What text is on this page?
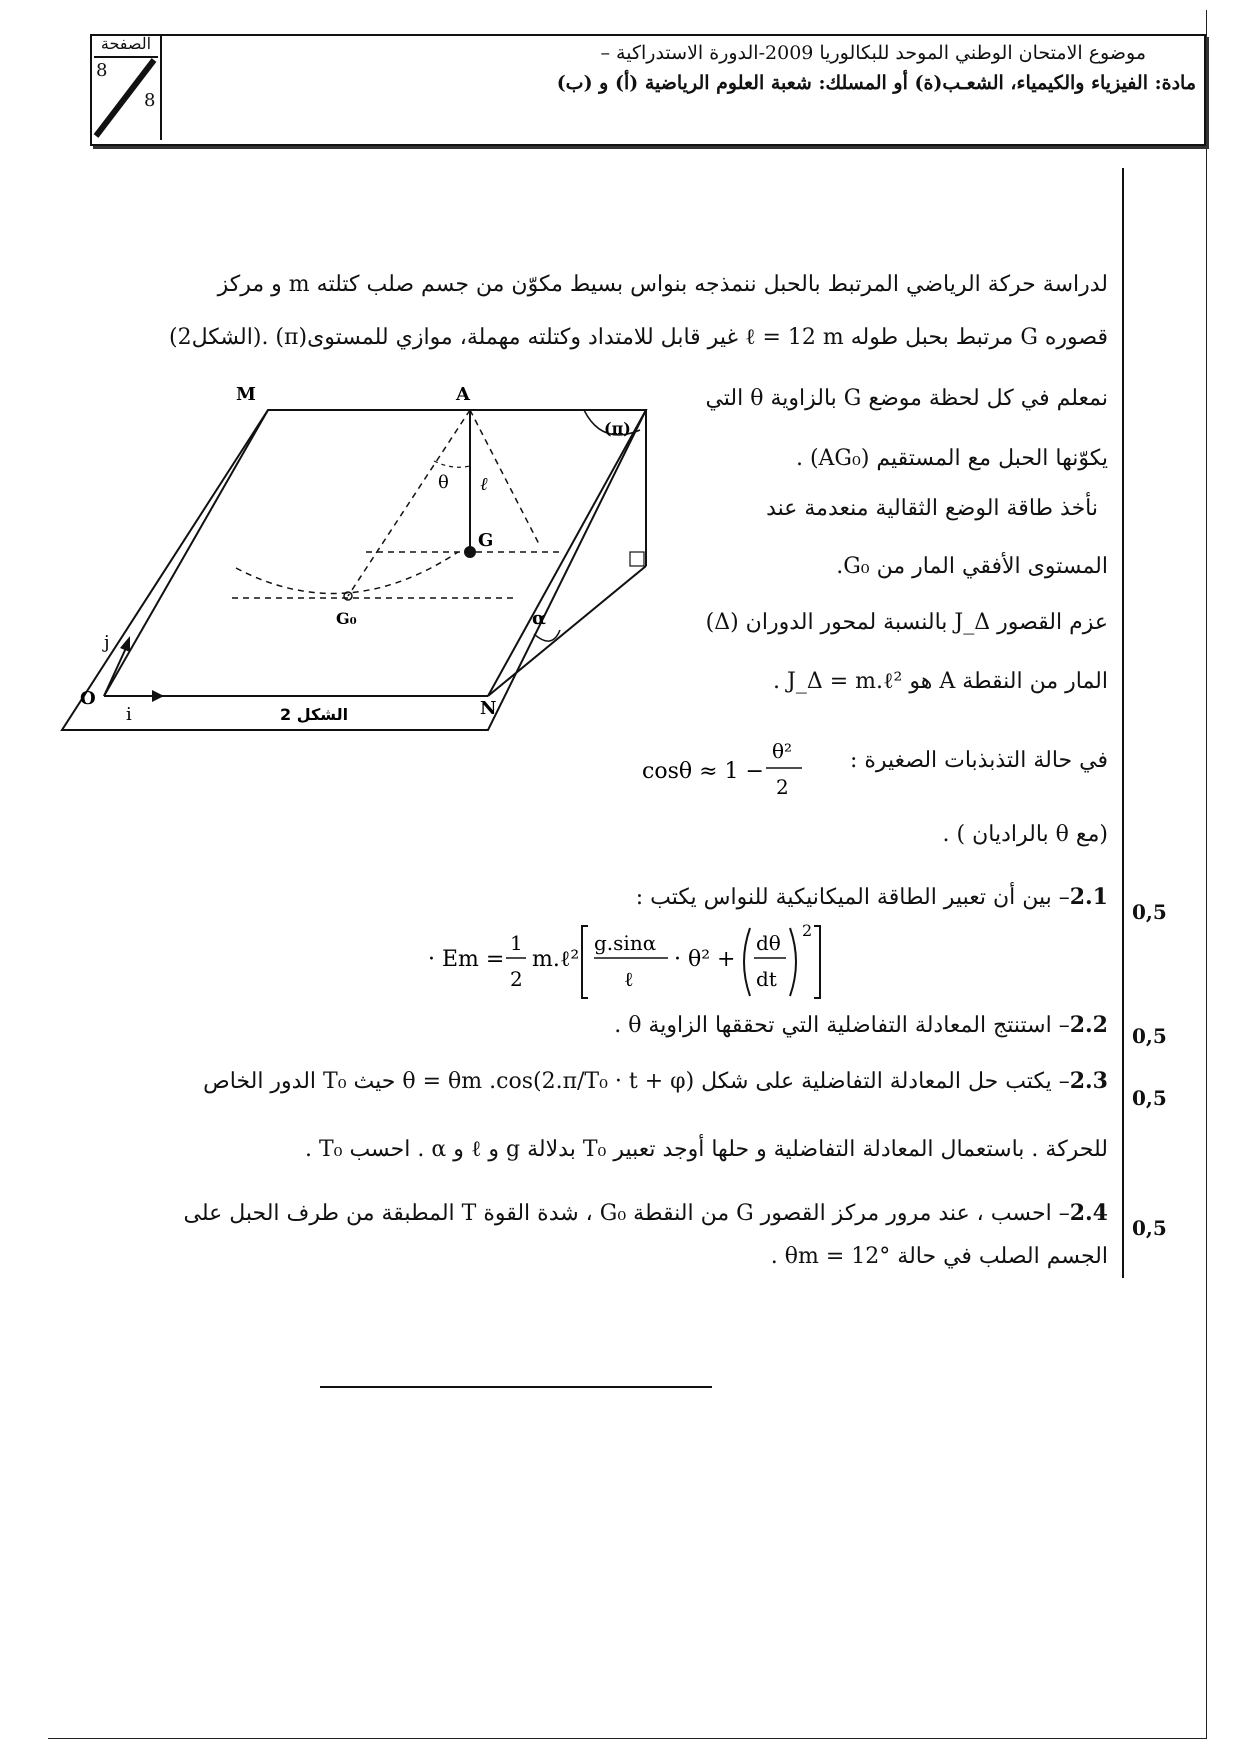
الصفحة
8
8
موضوع الامتحان الوطني الموحد للبكالوريا 2009-الدورة الاستدراكية –
مادة: الفيزياء والكيمياء، الشعـب(ة) أو المسلك: شعبة العلوم الرياضية (أ) و (ب)
لدراسة حركة الرياضي المرتبط بالحبل ننمذجه بنواس بسيط مكوّن من جسم صلب كتلته m و مركز
قصوره G مرتبط بحبل طوله ℓ = 12 m غير قابل للامتداد وكتلته مهملة، موازي للمستوى(π) .(الشكل2)
نمعلم في كل لحظة موضع G بالزاوية θ التي
يكوّنها الحبل مع المستقيم (AG₀) .
نأخذ طاقة الوضع الثقالية منعدمة عند
المستوى الأفقي المار من G₀.
عزم القصور J_Δ بالنسبة لمحور الدوران (Δ)
المار من النقطة A هو J_Δ = m.ℓ² .
في حالة التذبذبات الصغيرة :
cosθ ≈ 1 −
θ²
2
(مع θ بالراديان ) .
M	A
N
O
G
G₀
(π)
θ ℓ
α
i
j
الشكل 2
0,5
2.1– بين أن تعبير الطاقة الميكانيكية للنواس يكتب :
· Em =
1
2
m.ℓ²
g.sinα
ℓ
· θ² +
dθ
dt
2
0,5
2.2– استنتج المعادلة التفاضلية التي تحققها الزاوية θ .
0,5
2.3– يكتب حل المعادلة التفاضلية على شكل θ = θm .cos(2.π/T₀ · t + φ) حيث T₀ الدور الخاص
للحركة . باستعمال المعادلة التفاضلية و حلها أوجد تعبير T₀ بدلالة g و ℓ و α . احسب T₀ .
0,5
2.4– احسب ، عند مرور مركز القصور G من النقطة G₀ ، شدة القوة T المطبقة من طرف الحبل على
الجسم الصلب في حالة θm = 12° .
